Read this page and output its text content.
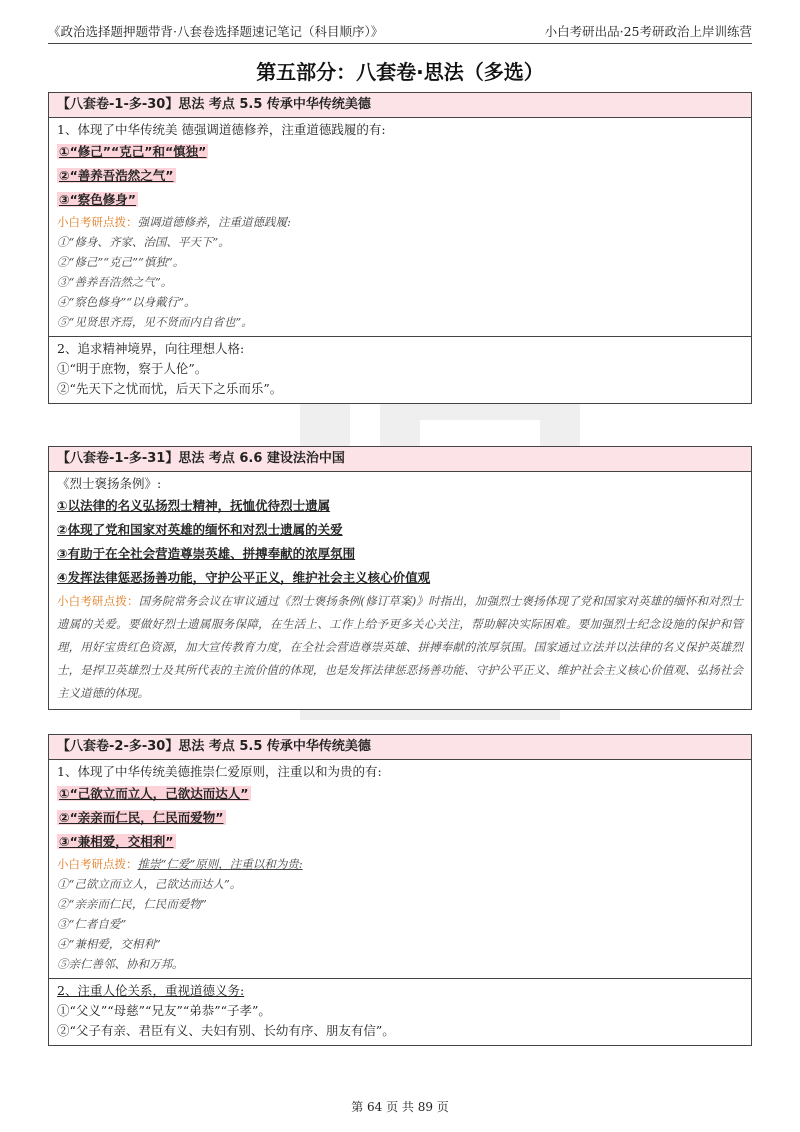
《政治选择题押题带背·八套卷选择题速记笔记（科目顺序）》	小白考研出品·25考研政治上岸训练营
第五部分：八套卷·思法（多选）
【八套卷-1-多-30】思法 考点 5.5 传承中华传统美德
1、体现了中华传统美 德强调道德修养，注重道德践履的有:
①“修己”“克己”和“慎独”
②“善养吾浩然之气”
③“察色修身”
小白考研点拨：强调道德修养，注重道德践履:
①“修身、齐家、治国、平天下”。
②“修己”“克己”“慎独”。
③“善养吾浩然之气”。
④“察色修身”“以身戴行”。
⑤“见贤思齐焉，见不贤而内自省也”。
2、追求精神境界，向往理想人格:
①“明于庶物，察于人伦”。
②“先天下之忧而忧，后天下之乐而乐”。
【八套卷-1-多-31】思法 考点 6.6 建设法治中国
《烈士褒扬条例》:
①以法律的名义弘扬烈士精神，抚恤优待烈士遗属
②体现了党和国家对英雄的缅怀和对烈士遗属的关爱
③有助于在全社会营造尊崇英雄、拼搏奉献的浓厚氛围
④发挥法律惩恶扬善功能，守护公平正义，维护社会主义核心价值观
小白考研点拨：国务院常务会议在审议通过《烈士褒扬条例(修订草案)》时指出，加强烈士褒扬体现了党和国家对英雄的缅怀和对烈士遗属的关爱。要做好烈士遗属服务保障，在生活上、工作上给予更多关心关注，帮助解决实际困难。要加强烈士纪念设施的保护和管理，用好宝贵红色资源，加大宣传教育力度，在全社会营造尊崇英雄、拼搏奉献的浓厚氛围。国家通过立法并以法律的名义保护英雄烈士，是捍卫英雄烈士及其所代表的主流价值的体现，也是发挥法律惩恶扬善功能、守护公平正义、维护社会主义核心价值观、弘扬社会主义道德的体现。
【八套卷-2-多-30】思法 考点 5.5 传承中华传统美德
1、体现了中华传统美德推崇仁爱原则，注重以和为贵的有:
①“己欲立而立人，己欲达而达人”
②“亲亲而仁民，仁民而爱物”
③“兼相爱，交相利”
小白考研点拨：推崇“仁爱”原则，注重以和为贵:
①“己欲立而立人，己欲达而达人”。
②“亲亲而仁民，仁民而爱物”
③“仁者自爱”
④“兼相爱，交相利”
⑤亲仁善邻、协和万邦。
2、注重人伦关系，重视道德义务:
①“父义”“母慈”“兄友”“弟恭”“子孝”。
②“父子有亲、君臣有义、夫妇有别、长幼有序、朋友有信”。
第 64 页 共 89 页
